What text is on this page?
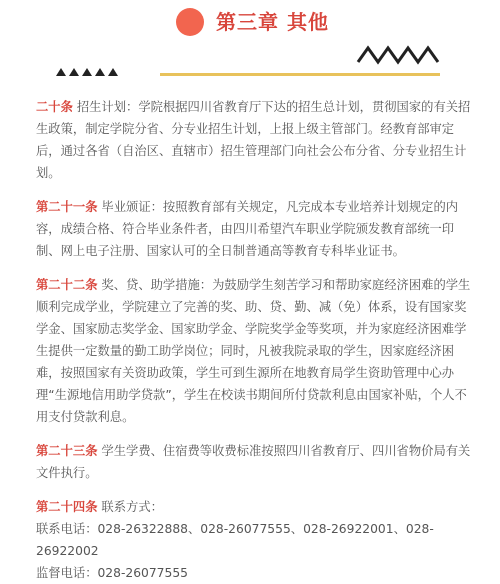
第三章 其他

二十条 招生计划：学院根据四川省教育厅下达的招生总计划，贯彻国家的有关招生政策，制定学院分省、分专业招生计划，上报上级主管部门。经教育部审定后，通过各省（自治区、直辖市）招生管理部门向社会公布分省、分专业招生计划。

第二十一条 毕业颁证：按照教育部有关规定，凡完成本专业培养计划规定的内容，成绩合格、符合毕业条件者，由四川希望汽车职业学院颁发教育部统一印制、网上电子注册、国家认可的全日制普通高等教育专科毕业证书。

第二十二条 奖、贷、助学措施：为鼓励学生刻苦学习和帮助家庭经济困难的学生顺利完成学业，学院建立了完善的奖、助、贷、勤、减（免）体系，设有国家奖学金、国家励志奖学金、国家助学金、学院奖学金等奖项，并为家庭经济困难学生提供一定数量的勤工助学岗位；同时，凡被我院录取的学生，因家庭经济困难，按照国家有关资助政策，学生可到生源所在地教育局学生资助管理中心办理“生源地信用助学贷款”，学生在校读书期间所付贷款利息由国家补贴，个人不用支付贷款利息。

第二十三条 学生学费、住宿费等收费标准按照四川省教育厅、四川省物价局有关文件执行。

第二十四条 联系方式：
联系电话：028-26322888、028-26077555、028-26922001、028-26922002
监督电话：028-26077555
